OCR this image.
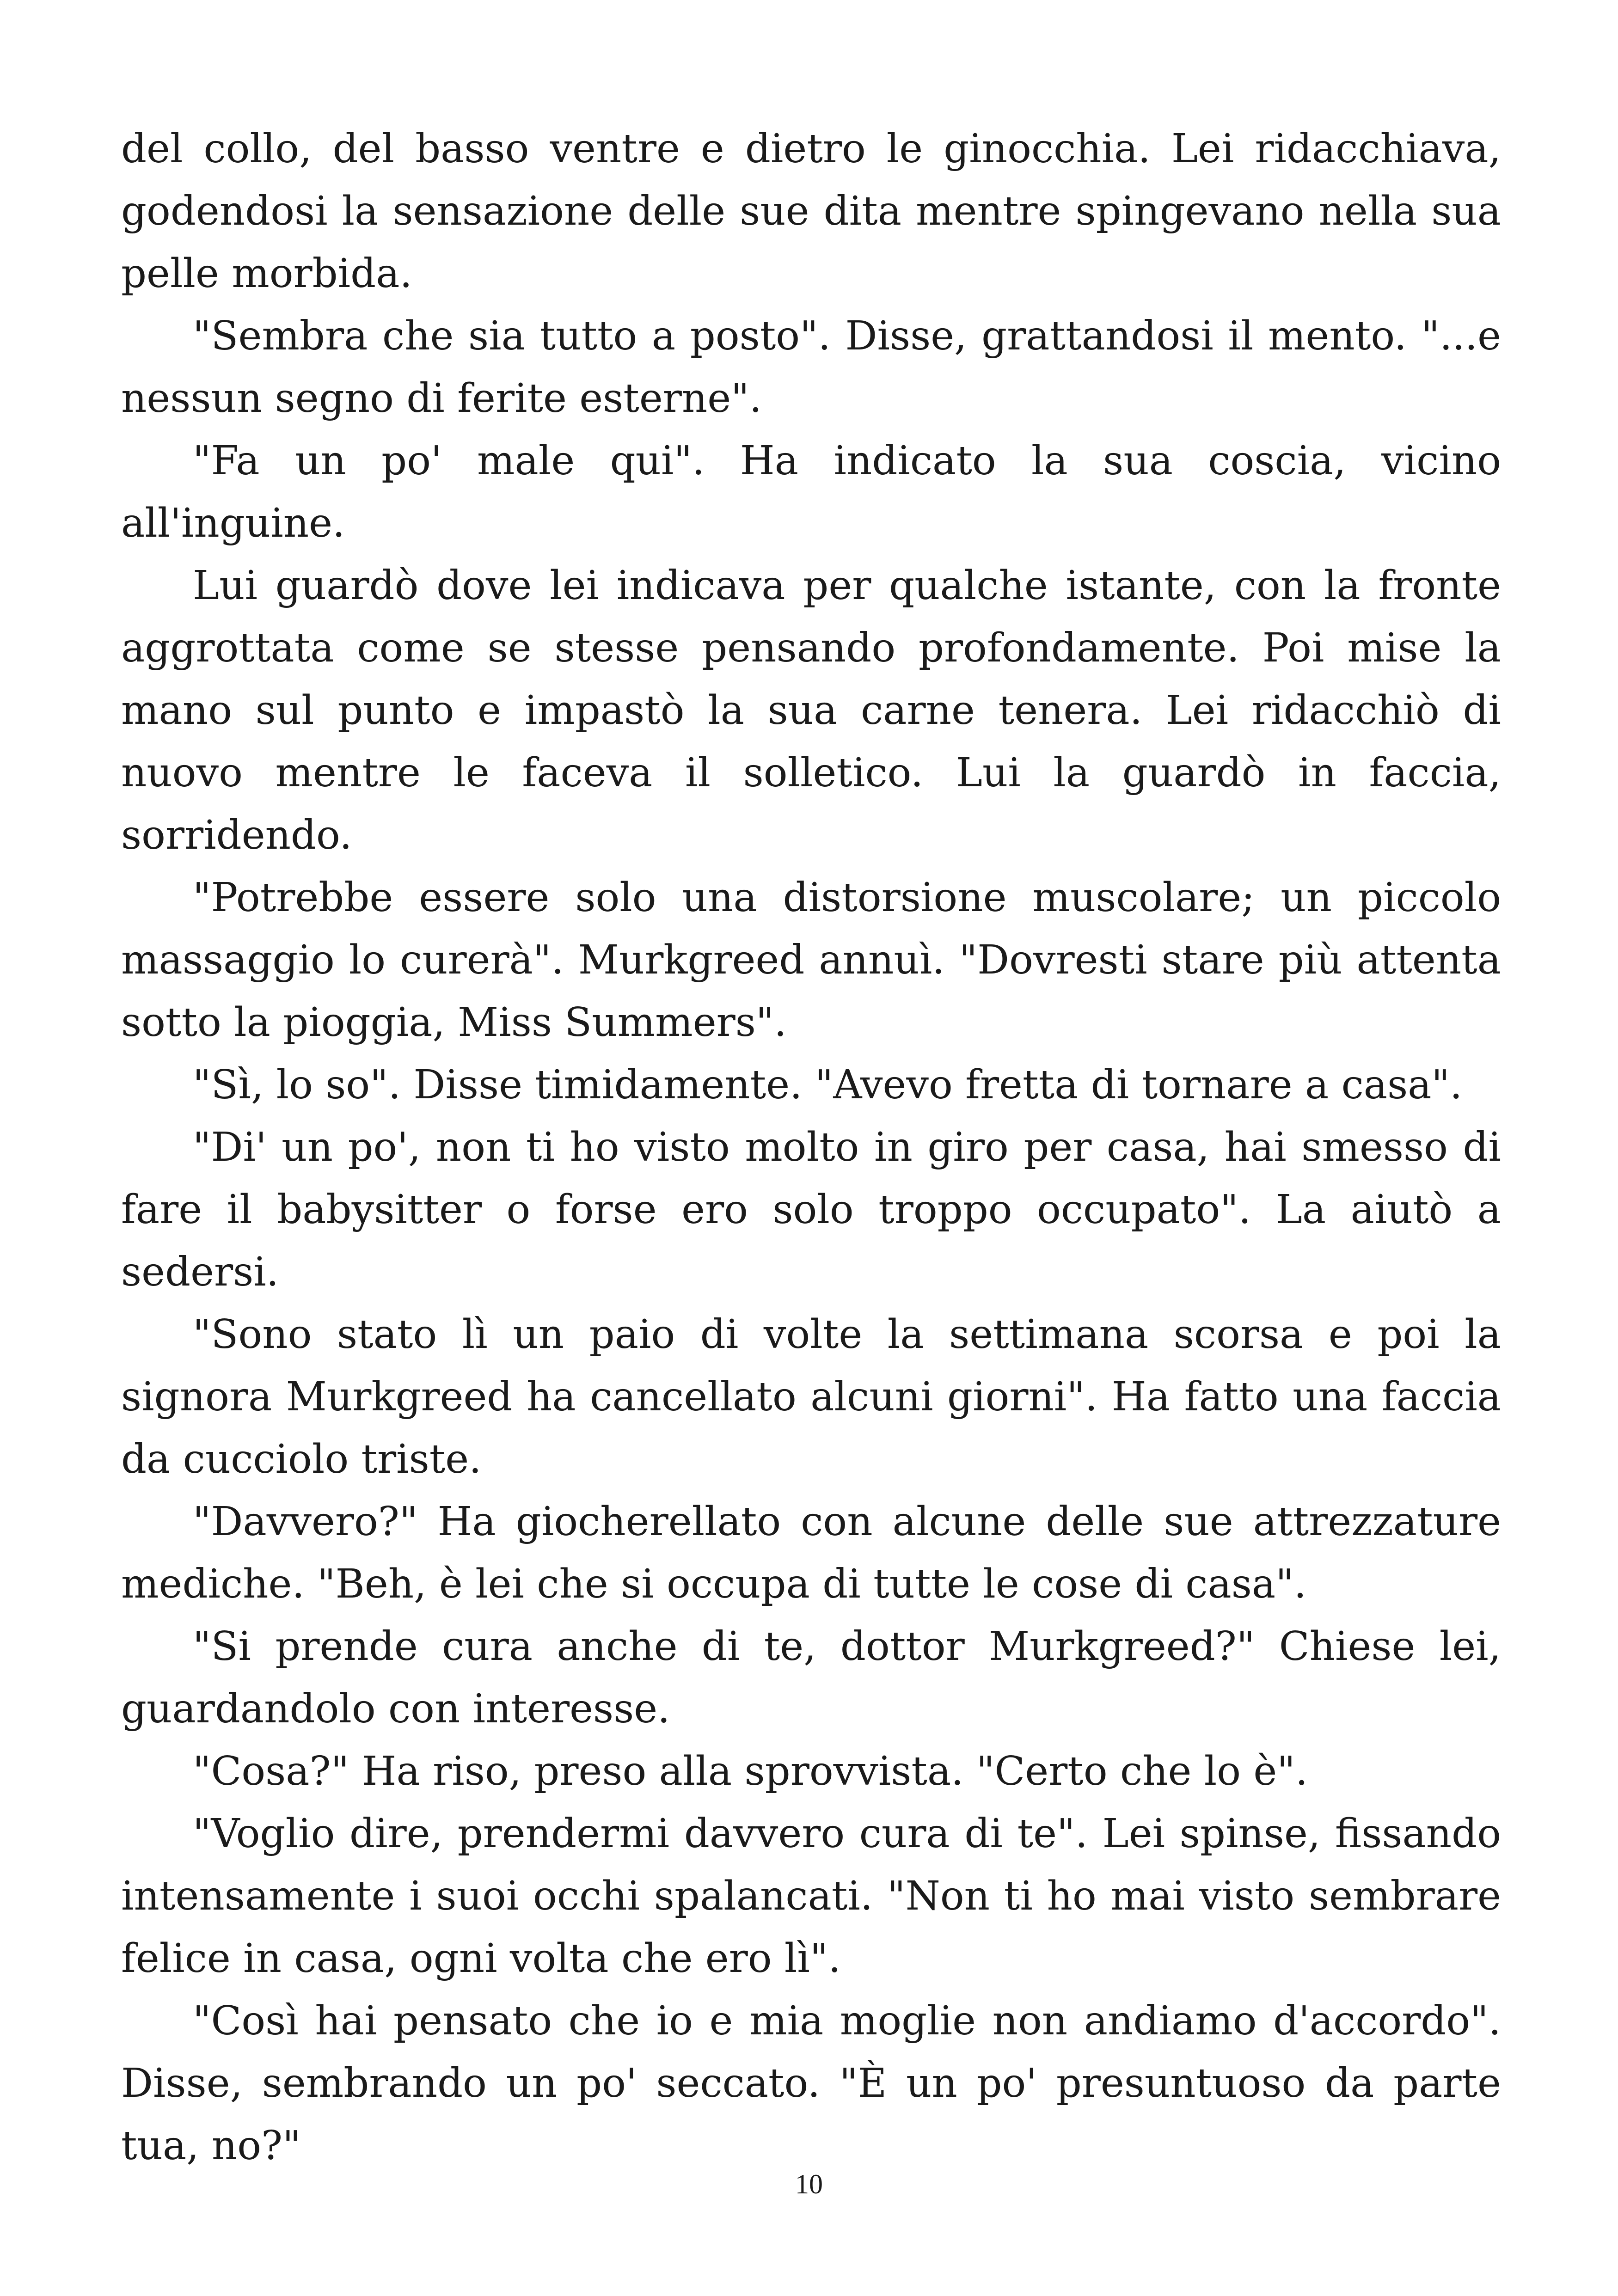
del collo, del basso ventre e dietro le ginocchia. Lei ridacchiava, godendosi la sensazione delle sue dita mentre spingevano nella sua pelle morbida.

"Sembra che sia tutto a posto". Disse, grattandosi il mento. "...e nessun segno di ferite esterne".

"Fa un po' male qui". Ha indicato la sua coscia, vicino all'inguine.

Lui guardò dove lei indicava per qualche istante, con la fronte aggrottata come se stesse pensando profondamente. Poi mise la mano sul punto e impastò la sua carne tenera. Lei ridacchiò di nuovo mentre le faceva il solletico. Lui la guardò in faccia, sorridendo.

"Potrebbe essere solo una distorsione muscolare; un piccolo massaggio lo curerà". Murkgreed annuì. "Dovresti stare più attenta sotto la pioggia, Miss Summers".

"Sì, lo so". Disse timidamente. "Avevo fretta di tornare a casa".

"Di' un po', non ti ho visto molto in giro per casa, hai smesso di fare il babysitter o forse ero solo troppo occupato". La aiutò a sedersi.

"Sono stato lì un paio di volte la settimana scorsa e poi la signora Murkgreed ha cancellato alcuni giorni". Ha fatto una faccia da cucciolo triste.

"Davvero?" Ha giocherellato con alcune delle sue attrezzature mediche. "Beh, è lei che si occupa di tutte le cose di casa".

"Si prende cura anche di te, dottor Murkgreed?" Chiese lei, guardandolo con interesse.

"Cosa?" Ha riso, preso alla sprovvista. "Certo che lo è".

"Voglio dire, prendermi davvero cura di te". Lei spinse, fissando intensamente i suoi occhi spalancati. "Non ti ho mai visto sembrare felice in casa, ogni volta che ero lì".

"Così hai pensato che io e mia moglie non andiamo d'accordo". Disse, sembrando un po' seccato. "È un po' presuntuoso da parte tua, no?"

10
